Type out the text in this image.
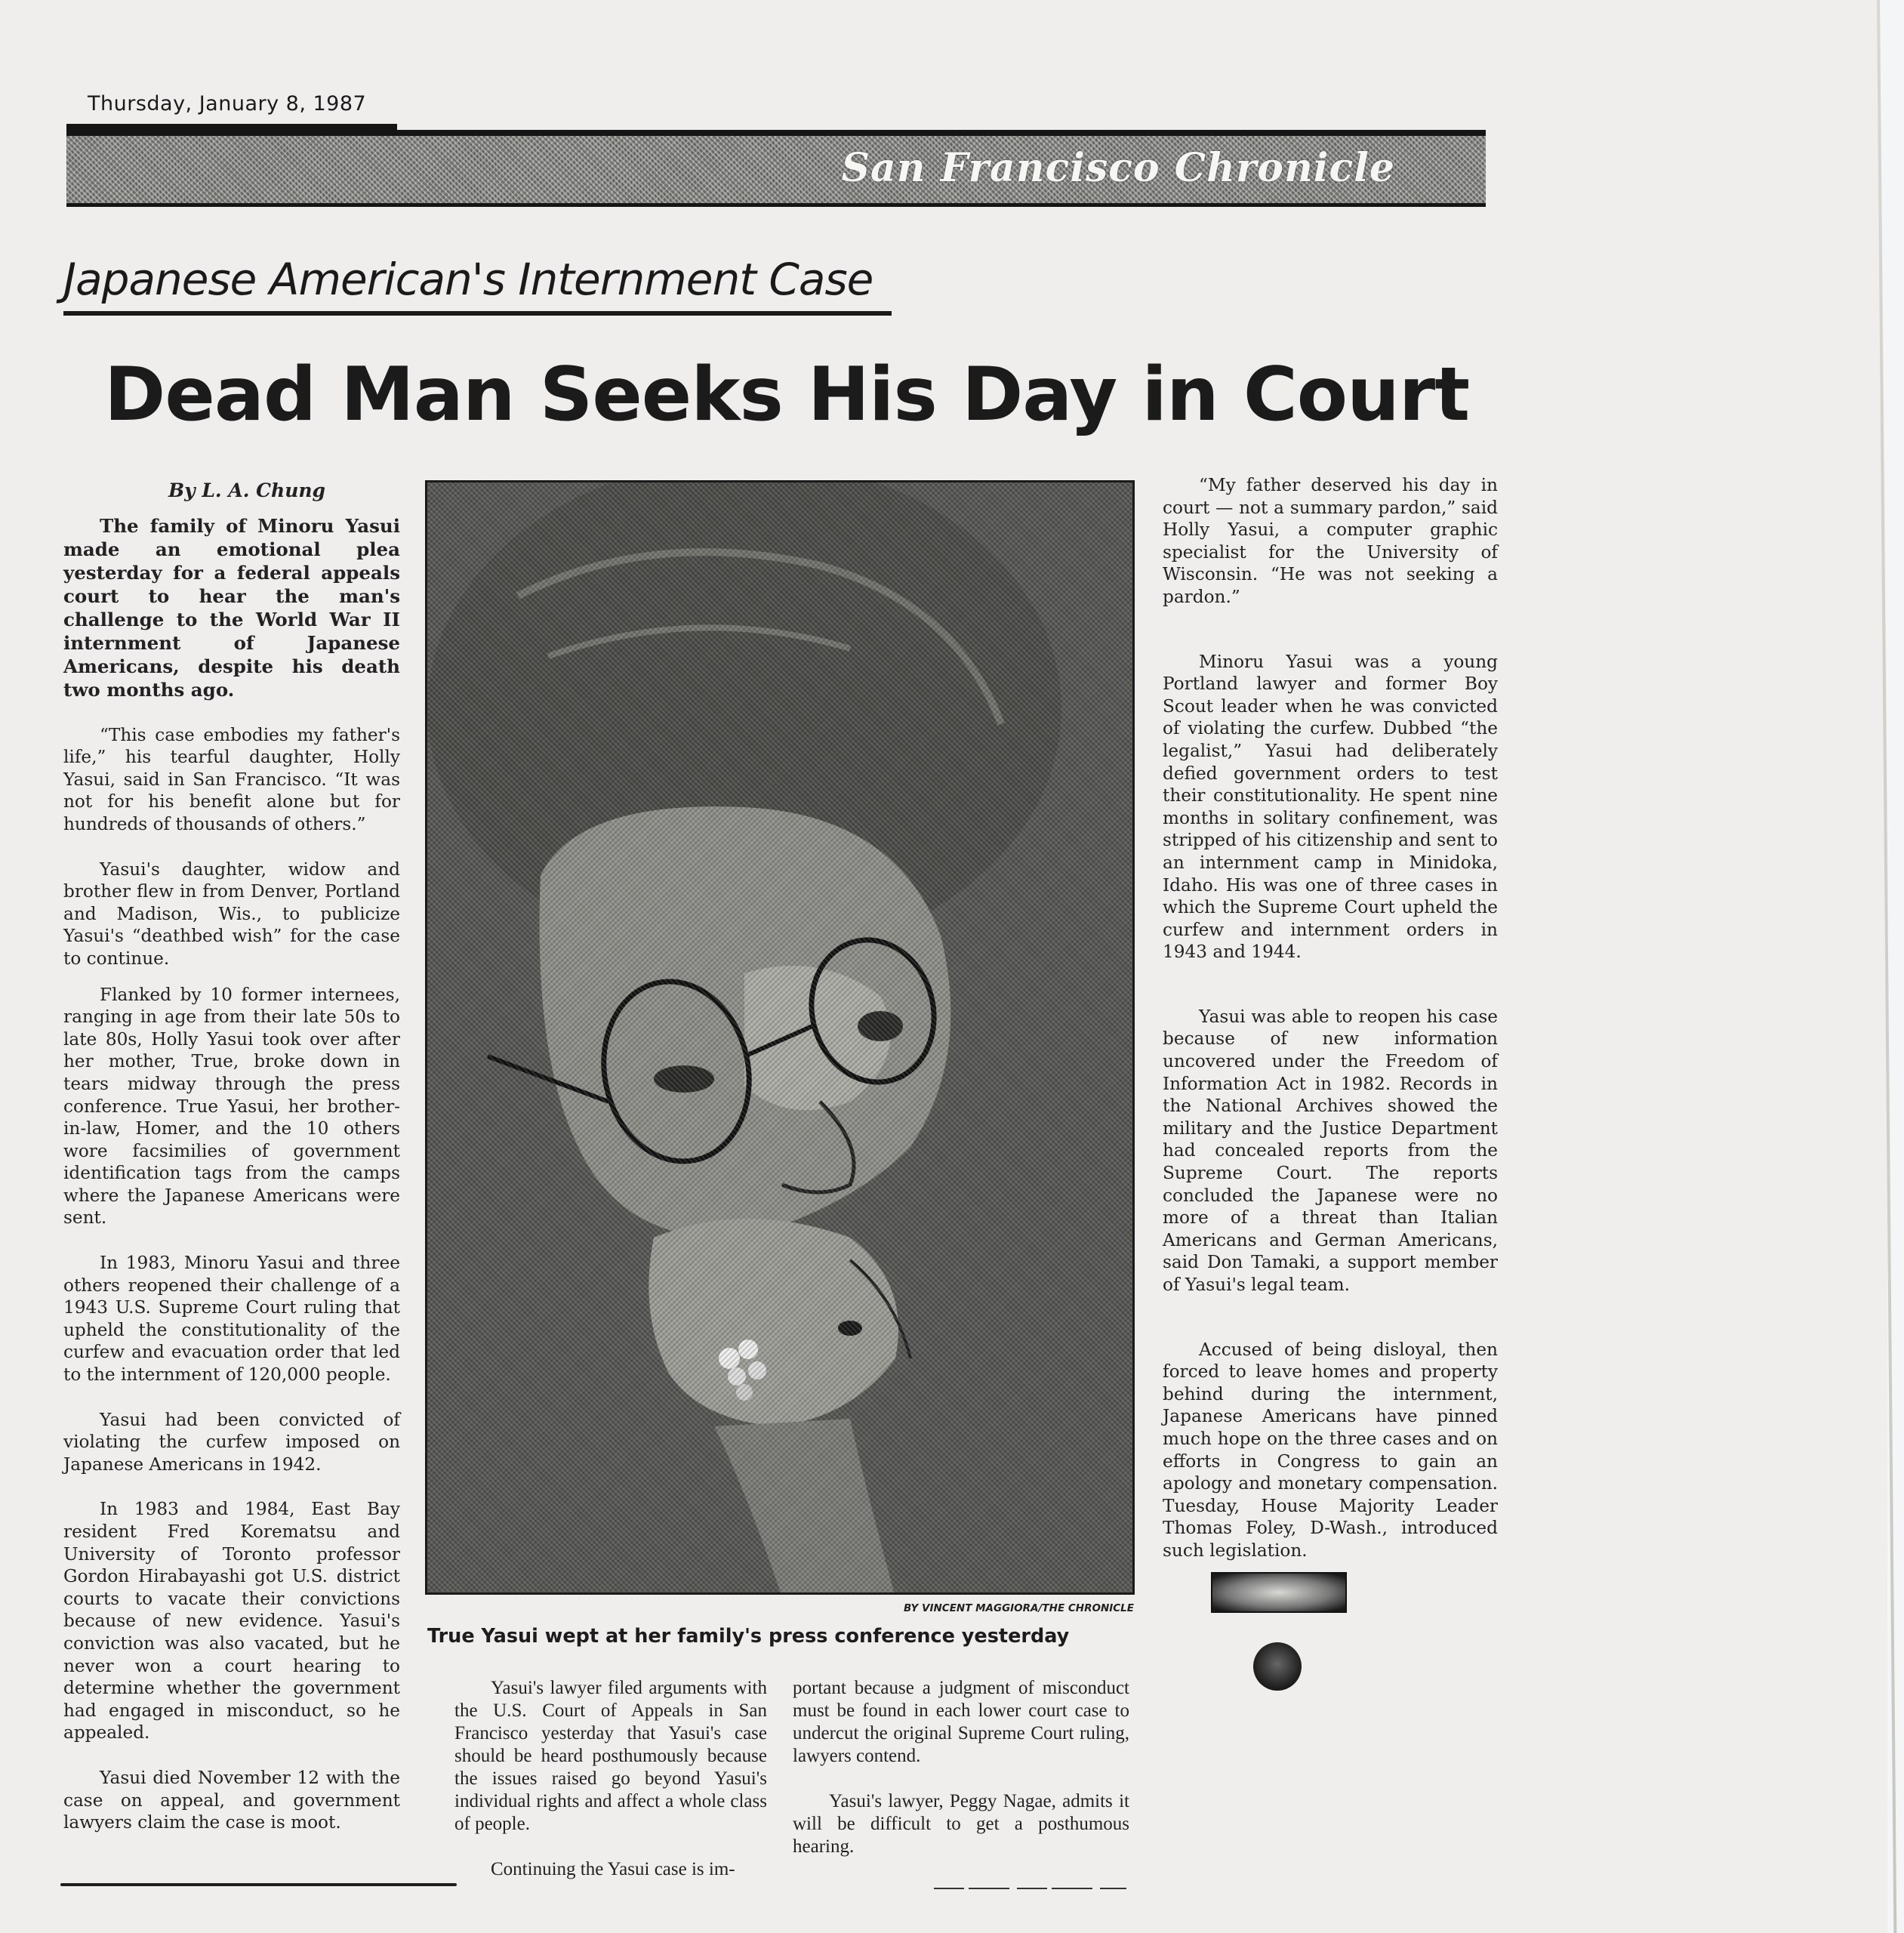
Thursday, January 8, 1987
San Francisco Chronicle
Japanese American's Internment Case
Dead Man Seeks His Day in Court

By L. A. Chung

The family of Minoru Yasui made an emotional plea yesterday for a federal appeals court to hear the man's challenge to the World War II internment of Japanese Americans, despite his death two months ago.

“This case embodies my father's life,” his tearful daughter, Holly Yasui, said in San Francisco. “It was not for his benefit alone but for hundreds of thousands of others.”

Yasui's daughter, widow and brother flew in from Denver, Portland and Madison, Wis., to publicize Yasui's “deathbed wish” for the case to continue.

Flanked by 10 former internees, ranging in age from their late 50s to late 80s, Holly Yasui took over after her mother, True, broke down in tears midway through the press conference. True Yasui, her brother-in-law, Homer, and the 10 others wore facsimilies of government identification tags from the camps where the Japanese Americans were sent.

In 1983, Minoru Yasui and three others reopened their challenge of a 1943 U.S. Supreme Court ruling that upheld the constitutionality of the curfew and evacuation order that led to the internment of 120,000 people.

Yasui had been convicted of violating the curfew imposed on Japanese Americans in 1942.

In 1983 and 1984, East Bay resident Fred Korematsu and University of Toronto professor Gordon Hirabayashi got U.S. district courts to vacate their convictions because of new evidence. Yasui's conviction was also vacated, but he never won a court hearing to determine whether the government had engaged in misconduct, so he appealed.

Yasui died November 12 with the case on appeal, and government lawyers claim the case is moot.

BY VINCENT MAGGIORA/THE CHRONICLE
True Yasui wept at her family's press conference yesterday

Yasui's lawyer filed arguments with the U.S. Court of Appeals in San Francisco yesterday that Yasui's case should be heard posthumously because the issues raised go beyond Yasui's individual rights and affect a whole class of people.

Continuing the Yasui case is im-

portant because a judgment of misconduct must be found in each lower court case to undercut the original Supreme Court ruling, lawyers contend.

Yasui's lawyer, Peggy Nagae, admits it will be difficult to get a posthumous hearing.

“My father deserved his day in court — not a summary pardon,” said Holly Yasui, a computer graphic specialist for the University of Wisconsin. “He was not seeking a pardon.”

Minoru Yasui was a young Portland lawyer and former Boy Scout leader when he was convicted of violating the curfew. Dubbed “the legalist,” Yasui had deliberately defied government orders to test their constitutionality. He spent nine months in solitary confinement, was stripped of his citizenship and sent to an internment camp in Minidoka, Idaho. His was one of three cases in which the Supreme Court upheld the curfew and internment orders in 1943 and 1944.

Yasui was able to reopen his case because of new information uncovered under the Freedom of Information Act in 1982. Records in the National Archives showed the military and the Justice Department had concealed reports from the Supreme Court. The reports concluded the Japanese were no more of a threat than Italian Americans and German Americans, said Don Tamaki, a support member of Yasui's legal team.

Accused of being disloyal, then forced to leave homes and property behind during the internment, Japanese Americans have pinned much hope on the three cases and on efforts in Congress to gain an apology and monetary compensation. Tuesday, House Majority Leader Thomas Foley, D-Wash., introduced such legislation.
